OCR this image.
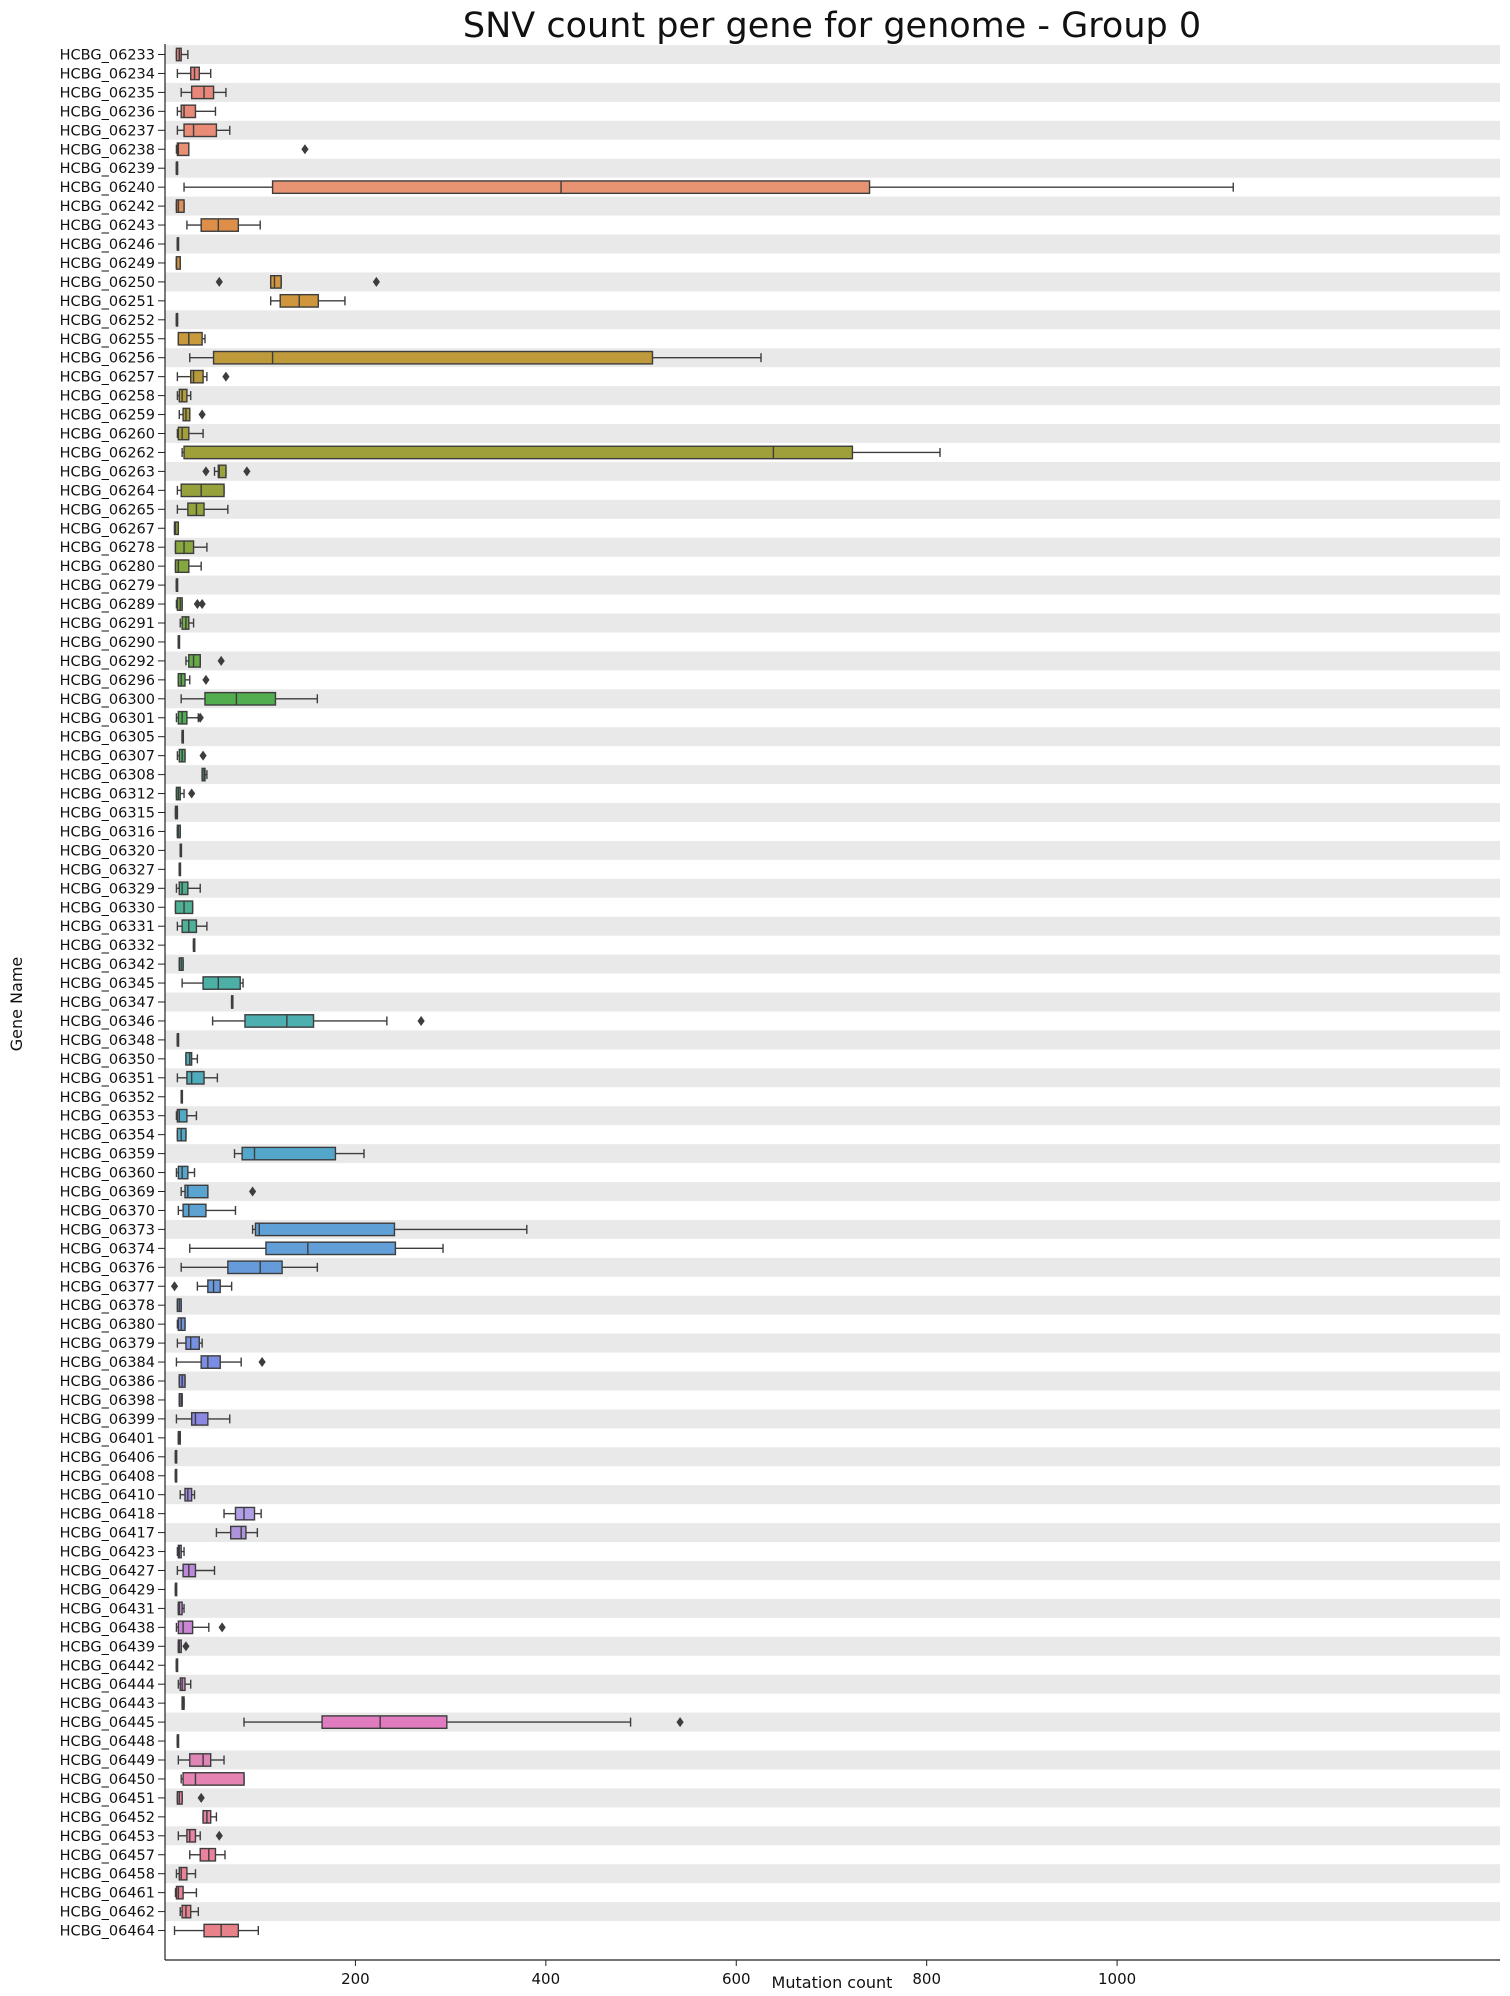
HCBG_06233
HCBG_06234
HCBG_06235
HCBG_06236
HCBG_06237
HCBG_06238
HCBG_06239
HCBG_06240
HCBG_06242
HCBG_06243
HCBG_06246
HCBG_06249
HCBG_06250
HCBG_06251
HCBG_06252
HCBG_06255
HCBG_06256
HCBG_06257
HCBG_06258
HCBG_06259
HCBG_06260
HCBG_06262
HCBG_06263
HCBG_06264
HCBG_06265
HCBG_06267
HCBG_06278
HCBG_06280
HCBG_06279
HCBG_06289
HCBG_06291
HCBG_06290
HCBG_06292
HCBG_06296
HCBG_06300
HCBG_06301
HCBG_06305
HCBG_06307
HCBG_06308
HCBG_06312
HCBG_06315
HCBG_06316
HCBG_06320
HCBG_06327
HCBG_06329
HCBG_06330
HCBG_06331
HCBG_06332
HCBG_06342
HCBG_06345
HCBG_06347
HCBG_06346
HCBG_06348
HCBG_06350
HCBG_06351
HCBG_06352
HCBG_06353
HCBG_06354
HCBG_06359
HCBG_06360
HCBG_06369
HCBG_06370
HCBG_06373
HCBG_06374
HCBG_06376
HCBG_06377
HCBG_06378
HCBG_06380
HCBG_06379
HCBG_06384
HCBG_06386
HCBG_06398
HCBG_06399
HCBG_06401
HCBG_06406
HCBG_06408
HCBG_06410
HCBG_06418
HCBG_06417
HCBG_06423
HCBG_06427
HCBG_06429
HCBG_06431
HCBG_06438
HCBG_06439
HCBG_06442
HCBG_06444
HCBG_06443
HCBG_06445
HCBG_06448
HCBG_06449
HCBG_06450
HCBG_06451
HCBG_06452
HCBG_06453
HCBG_06457
HCBG_06458
HCBG_06461
HCBG_06462
HCBG_06464
200	400	600	800	1000
SNV count per gene for genome - Group 0
Mutation count
Gene Name
